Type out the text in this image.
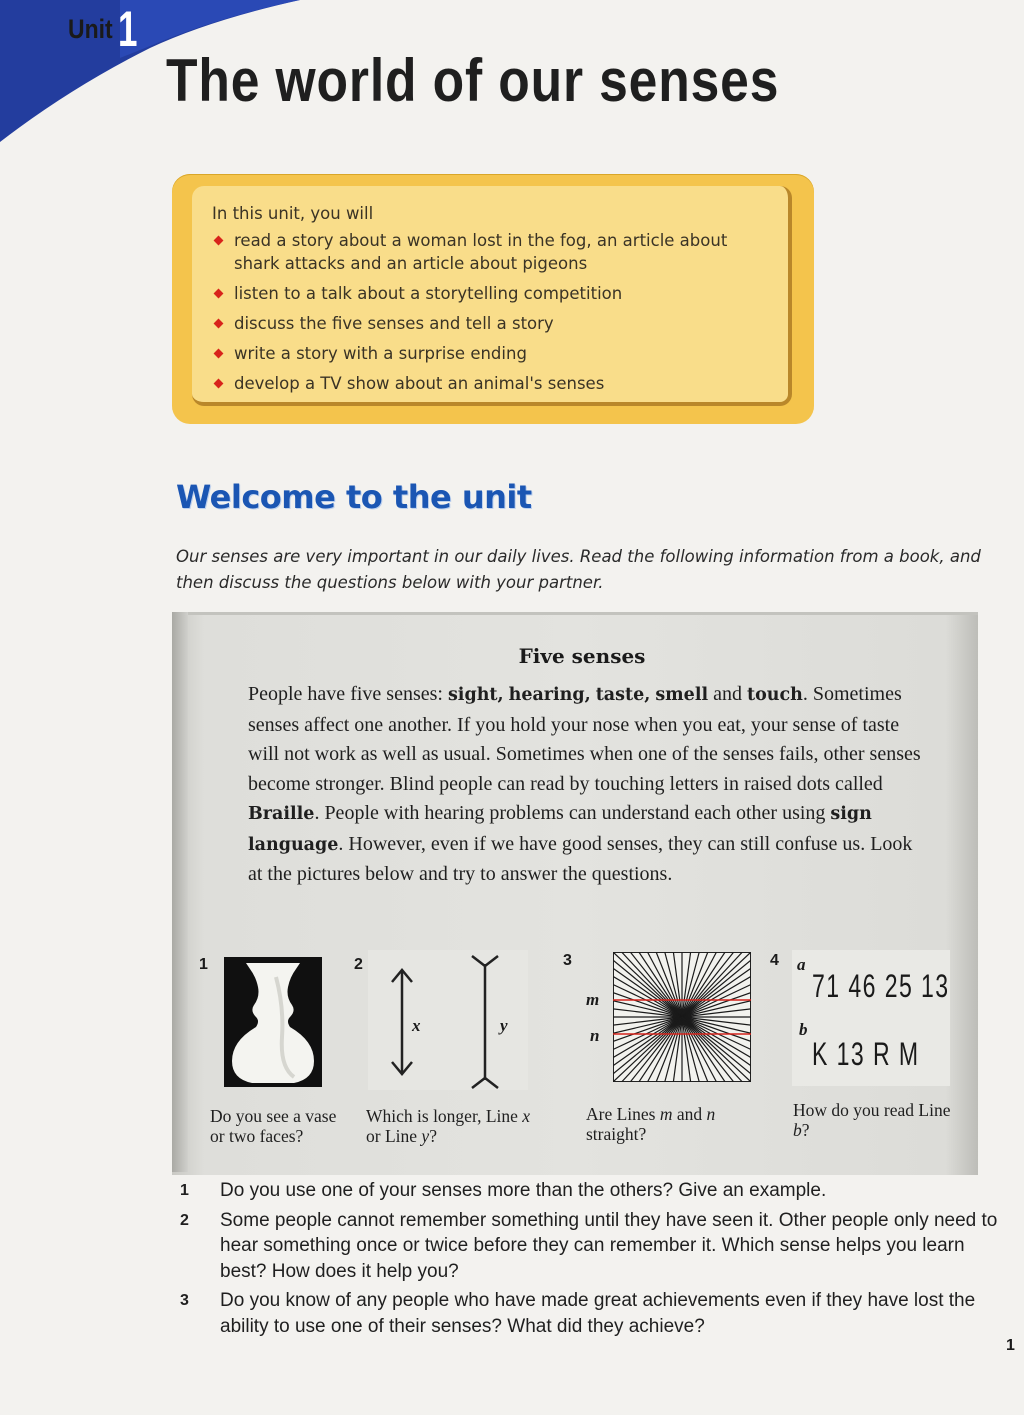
Unit 1
The world of our senses

In this unit, you will

read a story about a woman lost in the fog, an article about shark attacks and an article about pigeons
listen to a talk about a storytelling competition
discuss the five senses and tell a story
write a story with a surprise ending
develop a TV show about an animal's senses
Welcome to the unit

Our senses are very important in our daily lives. Read the following information from a book, and then discuss the questions below with your partner.

Five senses

People have five senses: sight, hearing, taste, smell and touch. Sometimes senses affect one another. If you hold your nose when you eat, your sense of taste will not work as well as usual. Sometimes when one of the senses fails, other senses become stronger. Blind people can read by touching letters in raised dots called Braille. People with hearing problems can understand each other using sign language. However, even if we have good senses, they can still confuse us. Look at the pictures below and try to answer the questions.

1

Do you see a vase or two faces?

2
x	y

Which is longer, Line x or Line y?

3
m
n

Are Lines m and n straight?

4 a
71 46 25 13
b
K 13 R M

How do you read Line b?

1 Do you use one of your senses more than the others? Give an example.
2 Some people cannot remember something until they have seen it. Other people only need to hear something once or twice before they can remember it. Which sense helps you learn best? How does it help you?
3 Do you know of any people who have made great achievements even if they have lost the ability to use one of their senses? What did they achieve?
1
